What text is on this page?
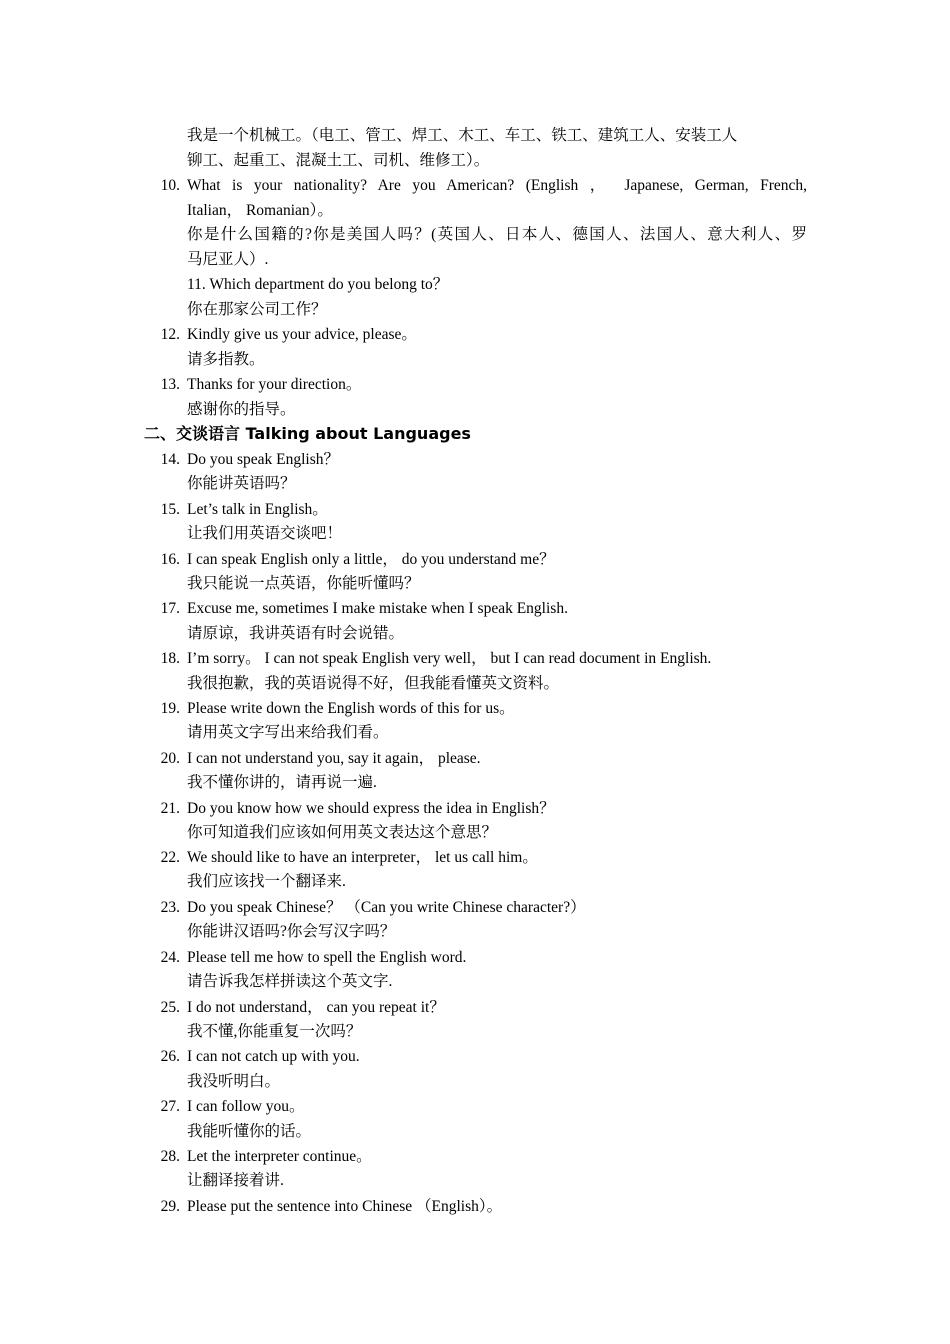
我是一个机械工。（电工、管工、焊工、木工、车工、铁工、建筑工人、安装工人
铆工、起重工、混凝土工、司机、维修工）。
10. What is your nationality? Are you American? (English ， Japanese, German, French,
Italian， Romanian）。
你是什么国籍的?你是美国人吗？(英国人、日本人、德国人、法国人、意大利人、罗
马尼亚人）.
11. Which department do you belong to？
你在那家公司工作？
12. Kindly give us your advice, please。
请多指教。
13. Thanks for your direction。
感谢你的指导。
二、交谈语言 Talking about Languages
14. Do you speak English？
你能讲英语吗？
15. Let’s talk in English。
让我们用英语交谈吧！
16. I can speak English only a little， do you understand me？
我只能说一点英语，你能听懂吗？
17. Excuse me, sometimes I make mistake when I speak English.
请原谅，我讲英语有时会说错。
18. I’m sorry。 I can not speak English very well， but I can read document in English.
我很抱歉，我的英语说得不好，但我能看懂英文资料。
19. Please write down the English words of this for us。
请用英文字写出来给我们看。
20. I can not understand you, say it again， please.
我不懂你讲的，请再说一遍.
21. Do you know how we should express the idea in English？
你可知道我们应该如何用英文表达这个意思？
22. We should like to have an interpreter， let us call him。
我们应该找一个翻译来.
23. Do you speak Chinese？ （Can you write Chinese character?）
你能讲汉语吗?你会写汉字吗？
24. Please tell me how to spell the English word.
请告诉我怎样拼读这个英文字.
25. I do not understand， can you repeat it？
我不懂,你能重复一次吗？
26. I can not catch up with you.
我没听明白。
27. I can follow you。
我能听懂你的话。
28. Let the interpreter continue。
让翻译接着讲.
29. Please put the sentence into Chinese （English）。
